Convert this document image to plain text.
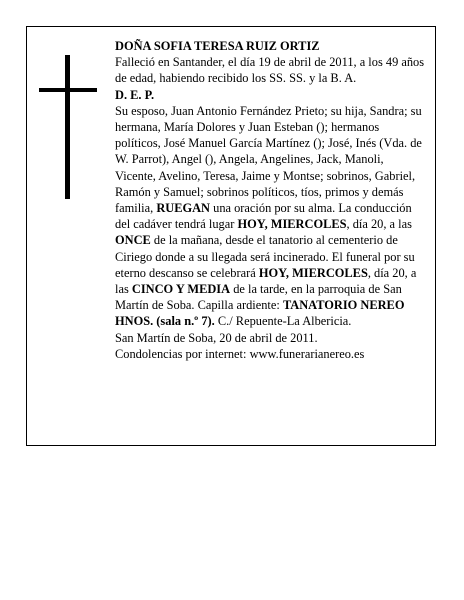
DOÑA SOFIA TERESA RUIZ ORTIZ

Falleció en Santander, el día 19 de abril de 2011, a los 49 años de edad, habiendo recibido los SS. SS. y la B. A.

D. E. P.

Su esposo, Juan Antonio Fernández Prieto; su hija, Sandra; su hermana, María Dolores y Juan Esteban (); hermanos políticos, José Manuel García Martínez (); José, Inés (Vda. de W. Parrot), Angel (), Angela, Angelines, Jack, Manoli, Vicente, Avelino, Teresa, Jaime y Montse; sobrinos, Gabriel, Ramón y Samuel; sobrinos políticos, tíos, primos y demás familia, RUEGAN una oración por su alma. La conducción del cadáver tendrá lugar HOY, MIERCOLES, día 20, a las ONCE de la mañana, desde el tanatorio al cementerio de Ciriego donde a su llegada será incinerado. El funeral por su eterno descanso se celebrará HOY, MIERCOLES, día 20, a las CINCO Y MEDIA de la tarde, en la parroquia de San Martín de Soba. Capilla ardiente: TANATORIO NEREO HNOS. (sala n.º 7). C./ Repuente-La Albericia.

San Martín de Soba, 20 de abril de 2011.

Condolencias por internet: www.funerarianereo.es
